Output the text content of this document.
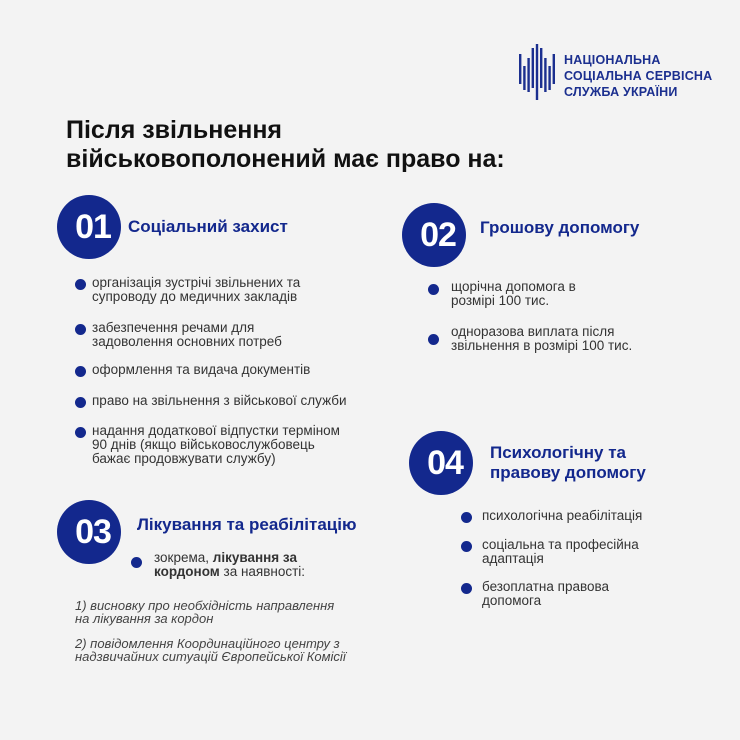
НАЦІОНАЛЬНА
СОЦІАЛЬНА СЕРВІСНА
СЛУЖБА УКРАЇНИ
Після звільнення
військовополонений має право на:
01 Соціальний захист
організація зустрічі звільнених та
супроводу до медичних закладів
забезпечення речами для
задоволення основних потреб
оформлення та видача документів
право на звільнення з військової служби
надання додаткової відпустки терміном
90 днів (якщо військовослужбовець
бажає продовжувати службу)
02 Грошову допомогу
щорічна допомога в
розмірі 100 тис.
одноразова виплата після
звільнення в розмірі 100 тис.
03 Лікування та реабілітацію
зокрема, лікування за
кордоном за наявності:
1) висновку про необхідність направлення
на лікування за кордон
2) повідомлення Координаційного центру з
надзвичайних ситуацій Європейської Комісії
04 Психологічну та
правову допомогу
психологічна реабілітація
соціальна та професійна
адаптація
безоплатна правова
допомога
